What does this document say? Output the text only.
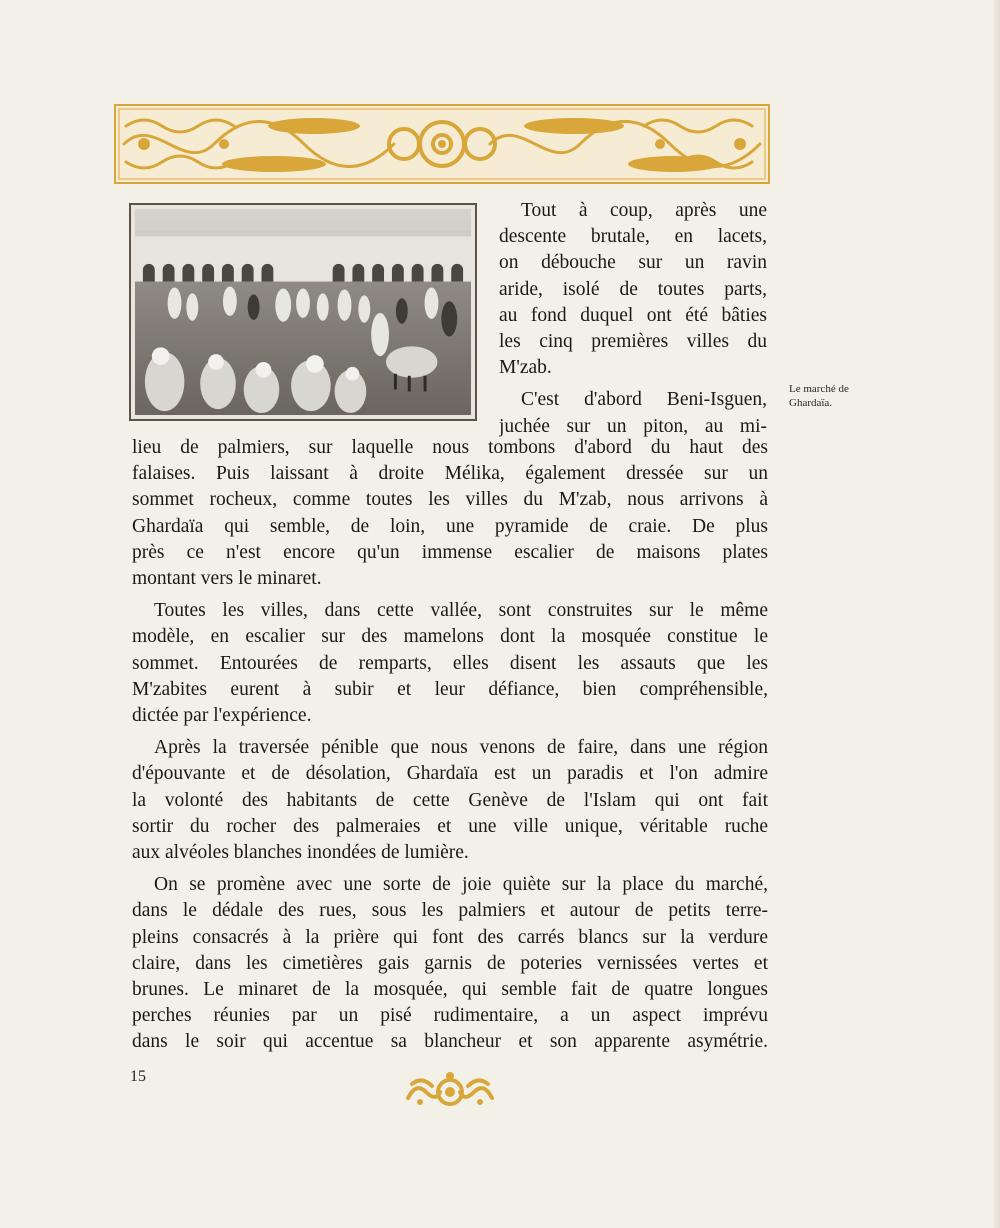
Le marché de
Ghardaïa.
Tout à coup, après une
descente brutale, en lacets,
on débouche sur un ravin
aride, isolé de toutes parts,
au fond duquel ont été bâties
les cinq premières villes du
M'zab.
C'est d'abord Beni-Isguen,
juchée sur un piton, au mi-
lieu de palmiers, sur laquelle nous tombons d'abord du haut des
falaises. Puis laissant à droite Mélika, également dressée sur un
sommet rocheux, comme toutes les villes du M'zab, nous arrivons à
Ghardaïa qui semble, de loin, une pyramide de craie. De plus
près ce n'est encore qu'un immense escalier de maisons plates
montant vers le minaret.
Toutes les villes, dans cette vallée, sont construites sur le même
modèle, en escalier sur des mamelons dont la mosquée constitue le
sommet. Entourées de remparts, elles disent les assauts que les
M'zabites eurent à subir et leur défiance, bien compréhensible,
dictée par l'expérience.
Après la traversée pénible que nous venons de faire, dans une région
d'épouvante et de désolation, Ghardaïa est un paradis et l'on admire
la volonté des habitants de cette Genève de l'Islam qui ont fait
sortir du rocher des palmeraies et une ville unique, véritable ruche
aux alvéoles blanches inondées de lumière.
On se promène avec une sorte de joie quiète sur la place du marché,
dans le dédale des rues, sous les palmiers et autour de petits terre-
pleins consacrés à la prière qui font des carrés blancs sur la verdure
claire, dans les cimetières gais garnis de poteries vernissées vertes et
brunes. Le minaret de la mosquée, qui semble fait de quatre longues
perches réunies par un pisé rudimentaire, a un aspect imprévu
dans le soir qui accentue sa blancheur et son apparente asymétrie.
15
